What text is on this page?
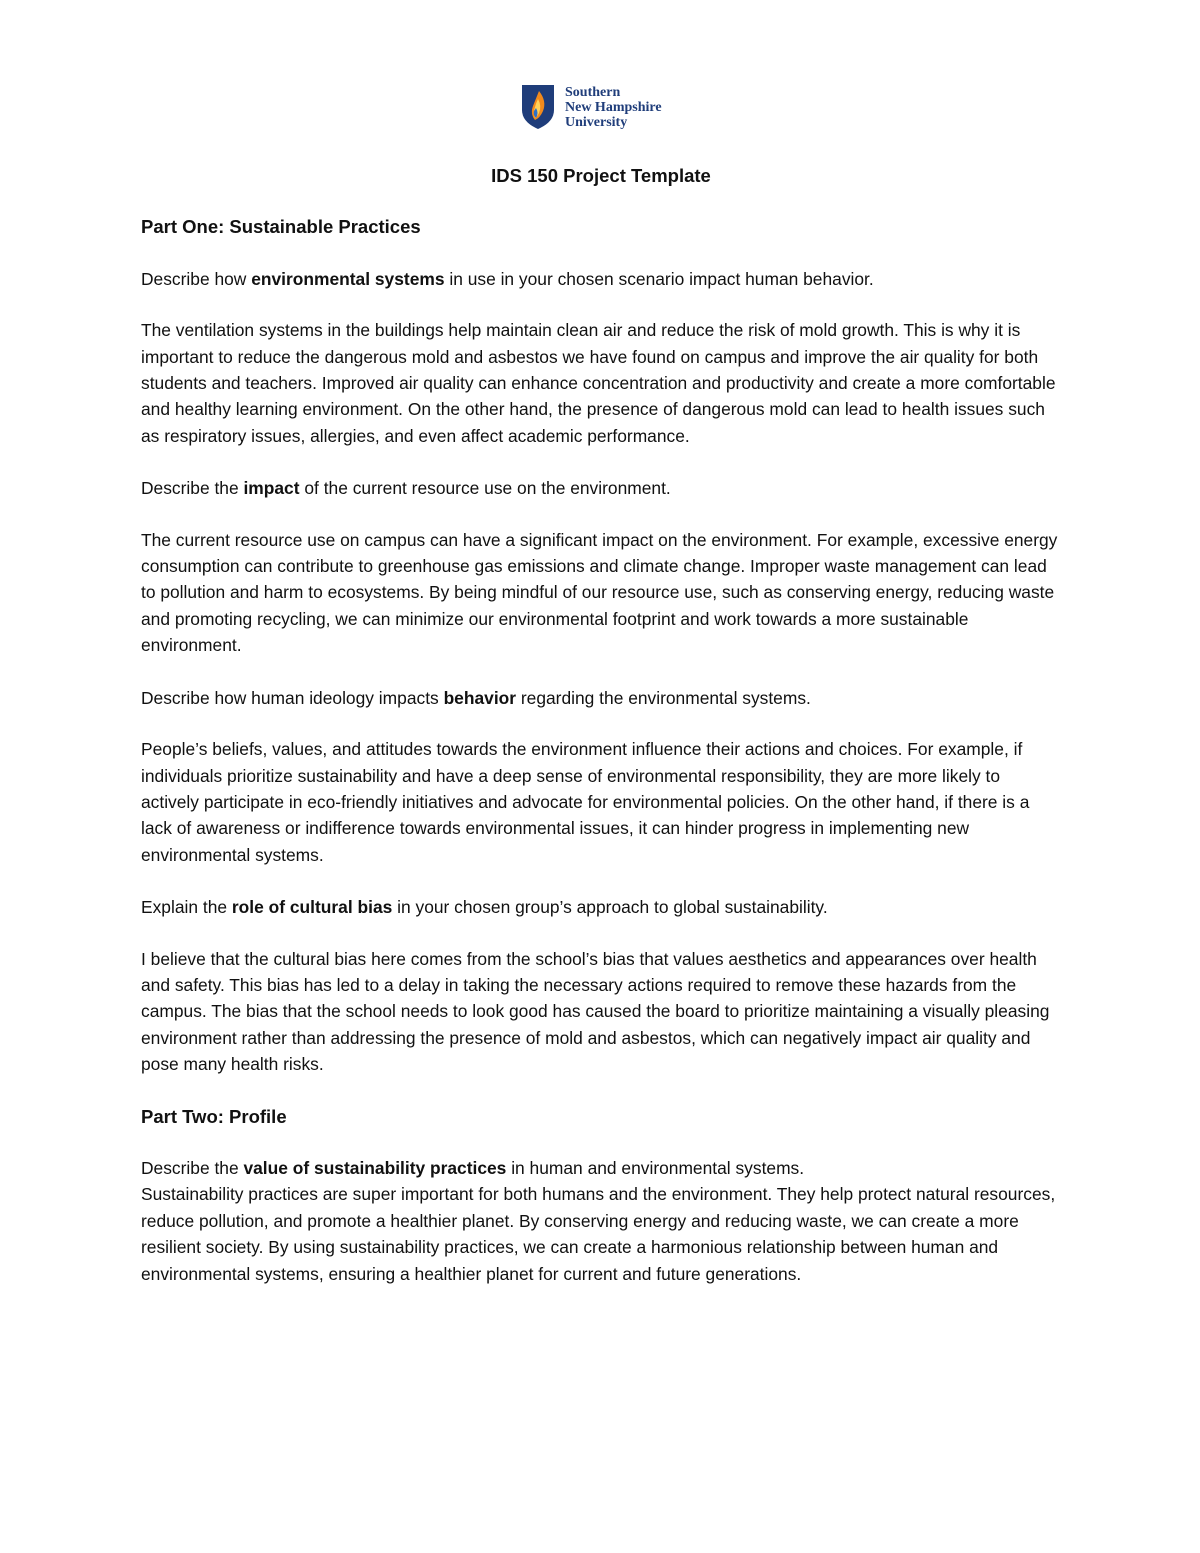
Southern
New Hampshire
University
IDS 150 Project Template
Part One: Sustainable Practices
Describe how environmental systems in use in your chosen scenario impact human behavior.
The ventilation systems in the buildings help maintain clean air and reduce the risk of mold growth. This is why it is important to reduce the dangerous mold and asbestos we have found on campus and improve the air quality for both students and teachers. Improved air quality can enhance concentration and productivity and create a more comfortable and healthy learning environment. On the other hand, the presence of dangerous mold can lead to health issues such as respiratory issues, allergies, and even affect academic performance.
Describe the impact of the current resource use on the environment.
The current resource use on campus can have a significant impact on the environment. For example, excessive energy consumption can contribute to greenhouse gas emissions and climate change. Improper waste management can lead to pollution and harm to ecosystems. By being mindful of our resource use, such as conserving energy, reducing waste and promoting recycling, we can minimize our environmental footprint and work towards a more sustainable environment.
Describe how human ideology impacts behavior regarding the environmental systems.
People’s beliefs, values, and attitudes towards the environment influence their actions and choices. For example, if individuals prioritize sustainability and have a deep sense of environmental responsibility, they are more likely to actively participate in eco-friendly initiatives and advocate for environmental policies. On the other hand, if there is a lack of awareness or indifference towards environmental issues, it can hinder progress in implementing new environmental systems.
Explain the role of cultural bias in your chosen group’s approach to global sustainability.
I believe that the cultural bias here comes from the school’s bias that values aesthetics and appearances over health and safety. This bias has led to a delay in taking the necessary actions required to remove these hazards from the campus. The bias that the school needs to look good has caused the board to prioritize maintaining a visually pleasing environment rather than addressing the presence of mold and asbestos, which can negatively impact air quality and pose many health risks.
Part Two: Profile
Describe the value of sustainability practices in human and environmental systems.
Sustainability practices are super important for both humans and the environment. They help protect natural resources, reduce pollution, and promote a healthier planet. By conserving energy and reducing waste, we can create a more resilient society. By using sustainability practices, we can create a harmonious relationship between human and environmental systems, ensuring a healthier planet for current and future generations.
